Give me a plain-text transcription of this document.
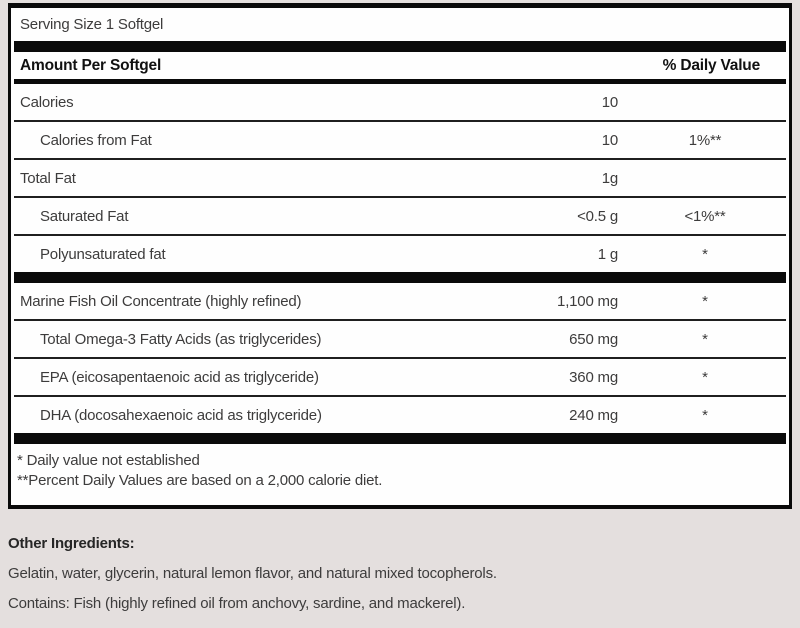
Serving Size 1 Softgel
Amount Per Softgel	% Daily Value
Calories	10
Calories from Fat	10	1%**
Total Fat	1g
Saturated Fat	<0.5 g	<1%**
Polyunsaturated fat	1 g	*
Marine Fish Oil Concentrate (highly refined)	1,100 mg	*
Total Omega-3 Fatty Acids (as triglycerides)	650 mg	*
EPA (eicosapentaenoic acid as triglyceride)	360 mg	*
DHA (docosahexaenoic acid as triglyceride)	240 mg	*
* Daily value not established
**Percent Daily Values are based on a 2,000 calorie diet.

Other Ingredients:

Gelatin, water, glycerin, natural lemon flavor, and natural mixed tocopherols.

Contains: Fish (highly refined oil from anchovy, sardine, and mackerel).
